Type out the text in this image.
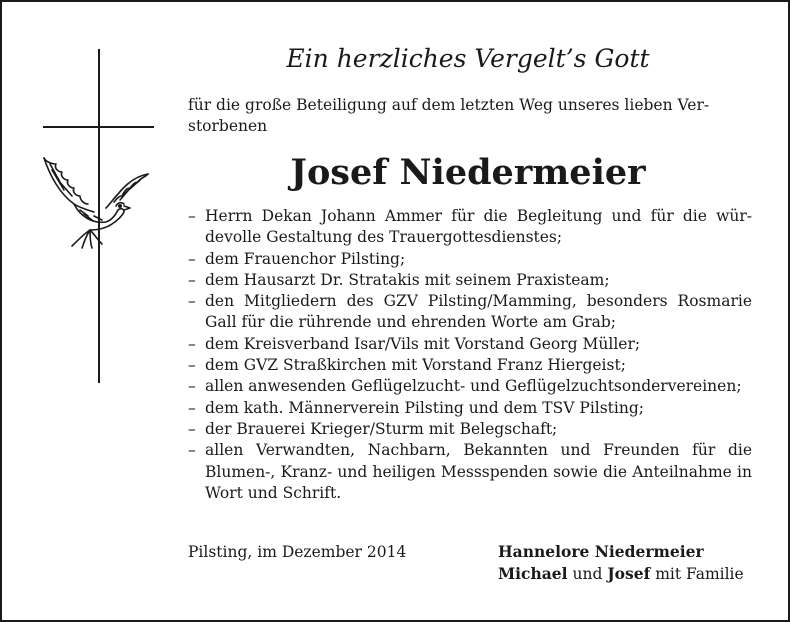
Ein herzliches Vergelt’s Gott

für die große Beteiligung auf dem letzten Weg unseres lieben Verstorbenen

Josef Niedermeier
– Herrn Dekan Johann Ammer für die Begleitung und für die würdevolle Gestaltung des Trauergottesdienstes;
– dem Frauenchor Pilsting;
– dem Hausarzt Dr. Stratakis mit seinem Praxisteam;
– den Mitgliedern des GZV Pilsting/Mamming, besonders Rosmarie Gall für die rührende und ehrenden Worte am Grab;
– dem Kreisverband Isar/Vils mit Vorstand Georg Müller;
– dem GVZ Straßkirchen mit Vorstand Franz Hiergeist;
– allen anwesenden Geflügelzucht- und Geflügelzuchtsondervereinen;
– dem kath. Männerverein Pilsting und dem TSV Pilsting;
– der Brauerei Krieger/Sturm mit Belegschaft;
– allen Verwandten, Nachbarn, Bekannten und Freunden für die Blumen-, Kranz- und heiligen Messspenden sowie die Anteilnahme in Wort und Schrift.

Pilsting, im Dezember 2014	Hannelore Niedermeier
Michael und Josef mit Familie
